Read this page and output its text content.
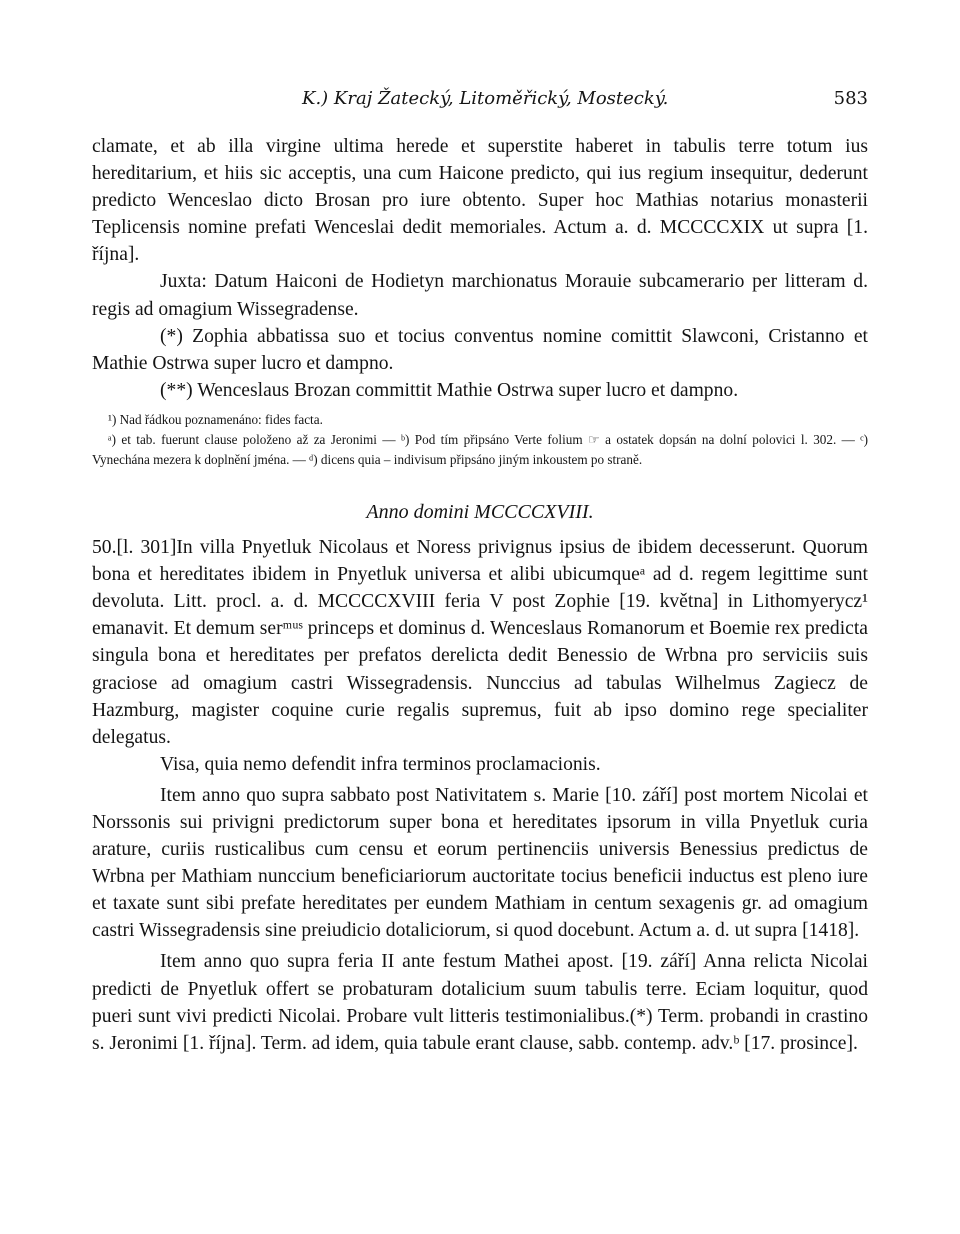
K.) Kraj Žatecký, Litoměřický, Mostecký.	583

clamate, et ab illa virgine ultima herede et superstite haberet in tabulis terre totum ius hereditarium, et hiis sic acceptis, una cum Haicone predicto, qui ius regium insequitur, dederunt predicto Wenceslao dicto Brosan pro iure obtento. Super hoc Mathias notarius monasterii Teplicensis nomine prefati Wenceslai dedit memoriales. Actum a. d. MCCCCXIX ut supra [1. října].

Juxta: Datum Haiconi de Hodietyn marchionatus Morauie subcamerario per litteram d. regis ad omagium Wissegradense.

(*) Zophia abbatissa suo et tocius conventus nomine comittit Slawconi, Cristanno et Mathie Ostrwa super lucro et dampno.

(**) Wenceslaus Brozan committit Mathie Ostrwa super lucro et dampno.

¹) Nad řádkou poznamenáno: fides facta.

ᵃ) et tab. fuerunt clause položeno až za Jeronimi — ᵇ) Pod tím připsáno Verte folium ☞ a ostatek dopsán na dolní polovici l. 302. — ᶜ) Vynechána mezera k doplnění jména. — ᵈ) dicens quia – indivisum připsáno jiným inkoustem po straně.

Anno domini MCCCCXVIII.

50.[l. 301]In villa Pnyetluk Nicolaus et Noress privignus ipsius de ibidem decesserunt. Quorum bona et hereditates ibidem in Pnyetluk universa et alibi ubicumqueᵃ ad d. regem legittime sunt devoluta. Litt. procl. a. d. MCCCCXVIII feria V post Zophie [19. května] in Lithomyerycz¹ emanavit. Et demum serᵐᵘˢ princeps et dominus d. Wenceslaus Romanorum et Boemie rex predicta singula bona et hereditates per prefatos derelicta dedit Benessio de Wrbna pro serviciis suis graciose ad omagium castri Wissegradensis. Nunccius ad tabulas Wilhelmus Zagiecz de Hazmburg, magister coquine curie regalis supremus, fuit ab ipso domino rege specialiter delegatus.

Visa, quia nemo defendit infra terminos proclamacionis.

Item anno quo supra sabbato post Nativitatem s. Marie [10. září] post mortem Nicolai et Norssonis sui privigni predictorum super bona et hereditates ipsorum in villa Pnyetluk curia arature, curiis rusticalibus cum censu et eorum pertinenciis universis Benessius predictus de Wrbna per Mathiam nunccium beneficiariorum auctoritate tocius beneficii inductus est pleno iure et taxate sunt sibi prefate hereditates per eundem Mathiam in centum sexagenis gr. ad omagium castri Wissegradensis sine preiudicio dotaliciorum, si quod docebunt. Actum a. d. ut supra [1418].

Item anno quo supra feria II ante festum Mathei apost. [19. září] Anna relicta Nicolai predicti de Pnyetluk offert se probaturam dotalicium suum tabulis terre. Eciam loquitur, quod pueri sunt vivi predicti Nicolai. Probare vult litteris testimonialibus.(*) Term. probandi in crastino s. Jeronimi [1. října]. Term. ad idem, quia tabule erant clause, sabb. contemp. adv.ᵇ [17. prosince].
